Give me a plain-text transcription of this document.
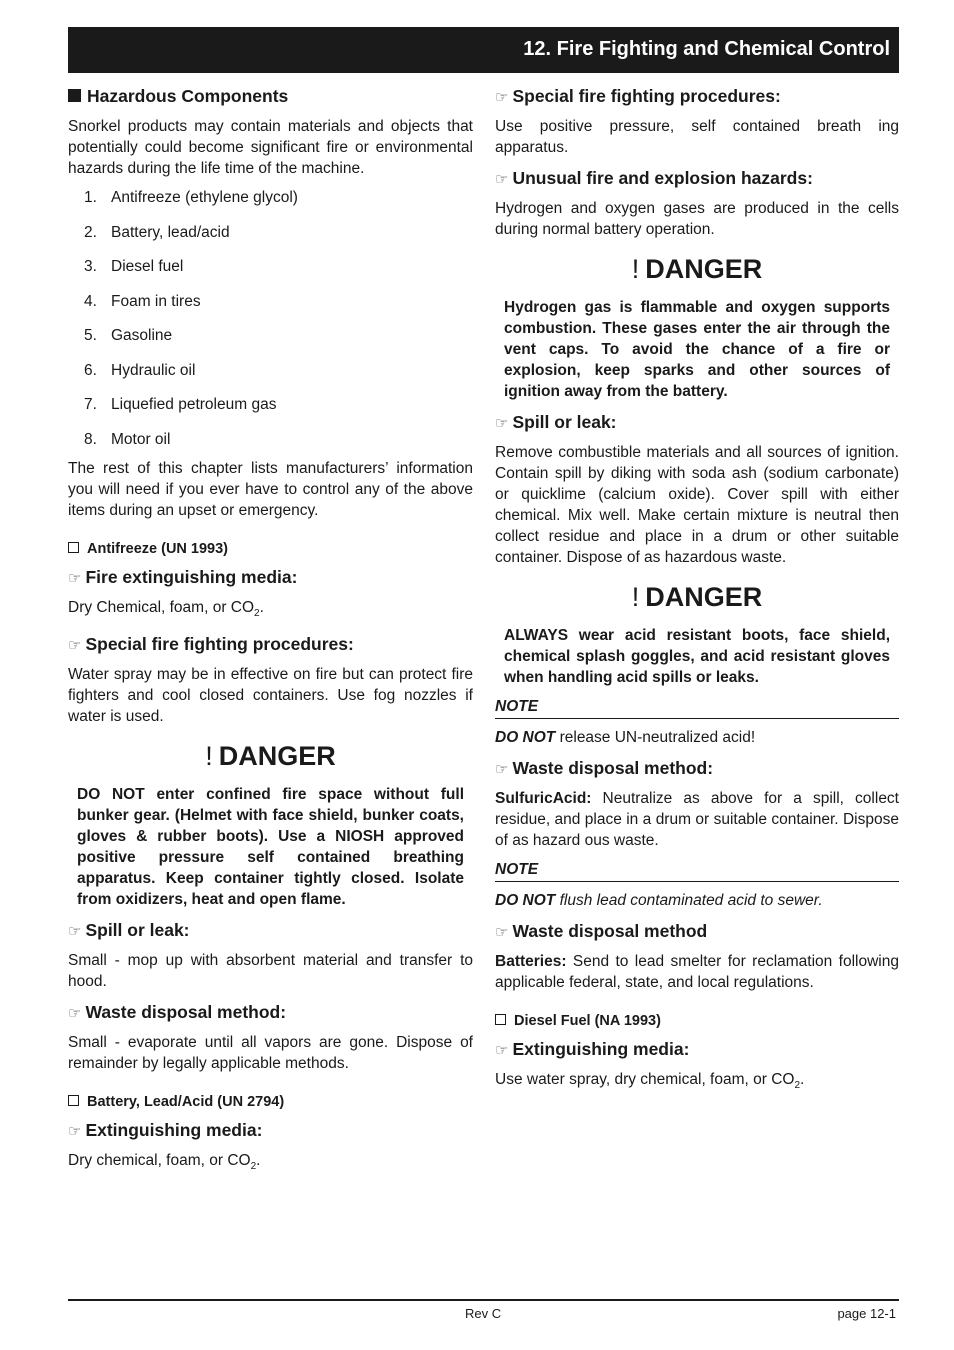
12. Fire Fighting and Chemical Control
Hazardous Components

Snorkel products may contain materials and objects that potentially could become significant fire or environmental hazards during the life time of the machine.

1. Antifreeze (ethylene glycol)
2. Battery, lead/acid
3. Diesel fuel
4. Foam in tires
5. Gasoline
6. Hydraulic oil
7. Liquefied petroleum gas
8. Motor oil

The rest of this chapter lists manufacturers’ information you will need if you ever have to control any of the above items during an upset or emergency.

Antifreeze (UN 1993)
☞ Fire extinguishing media:

Dry Chemical, foam, or $CO_2$.

☞ Special fire fighting procedures:

Water spray may be in effective on fire but can protect fire fighters and cool closed containers. Use fog nozzles if water is used.

! DANGER

DO NOT enter confined fire space without full bunker gear. (Helmet with face shield, bunker coats, gloves & rubber boots). Use a NIOSH approved positive pressure self contained breathing apparatus. Keep container tightly closed. Isolate from oxidizers, heat and open flame.

☞ Spill or leak:

Small - mop up with absorbent material and transfer to hood.

☞ Waste disposal method:

Small - evaporate until all vapors are gone. Dispose of remainder by legally applicable methods.

Battery, Lead/Acid (UN 2794)
☞ Extinguishing media:

Dry chemical, foam, or $CO_2$.

☞ Special fire fighting procedures:

Use positive pressure, self contained breath ing apparatus.

☞ Unusual fire and explosion hazards:

Hydrogen and oxygen gases are produced in the cells during normal battery operation.

! DANGER

Hydrogen gas is flammable and oxygen supports combustion. These gases enter the air through the vent caps. To avoid the chance of a fire or explosion, keep sparks and other sources of ignition away from the battery.

☞ Spill or leak:

Remove combustible materials and all sources of ignition. Contain spill by diking with soda ash (sodium carbonate) or quicklime (calcium oxide). Cover spill with either chemical. Mix well. Make certain mixture is neutral then collect residue and place in a drum or other suitable container. Dispose of as hazardous waste.

! DANGER

ALWAYS wear acid resistant boots, face shield, chemical splash goggles, and acid resistant gloves when handling acid spills or leaks.

NOTE

DO NOT release UN-neutralized acid!

☞ Waste disposal method:

SulfuricAcid: Neutralize as above for a spill, collect residue, and place in a drum or suitable container. Dispose of as hazard ous waste.

NOTE

DO NOT flush lead contaminated acid to sewer.

☞ Waste disposal method

Batteries: Send to lead smelter for reclamation following applicable federal, state, and local regulations.

Diesel Fuel (NA 1993)
☞ Extinguishing media:

Use water spray, dry chemical, foam, or $CO_2$.

Rev C	page 12-1
